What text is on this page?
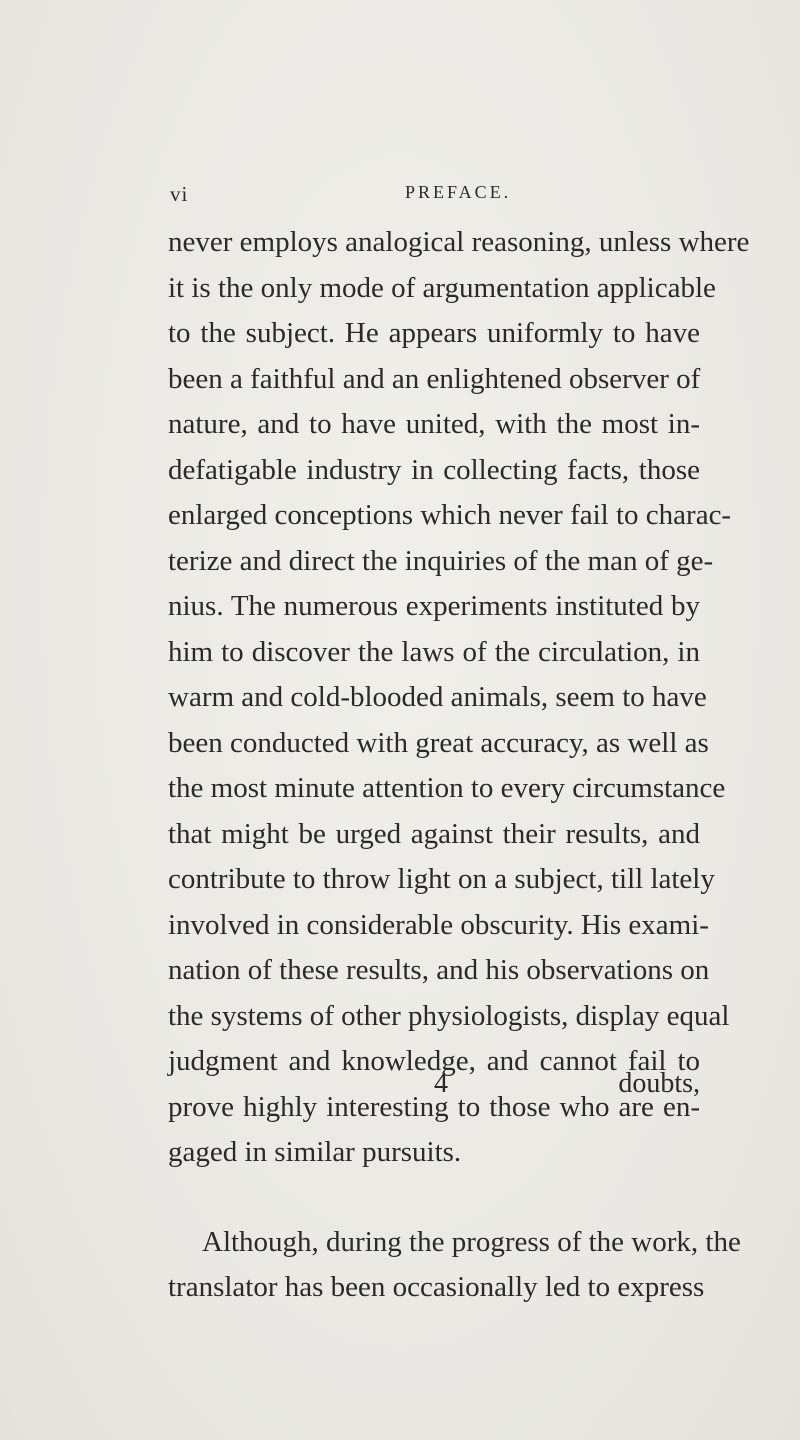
vi	PREFACE.
never employs analogical reasoning, unless where
it is the only mode of argumentation applicable
to the subject. He appears uniformly to have
been a faithful and an enlightened observer of
nature, and to have united, with the most in-
defatigable industry in collecting facts, those
enlarged conceptions which never fail to charac-
terize and direct the inquiries of the man of ge-
nius. The numerous experiments instituted by
him to discover the laws of the circulation, in
warm and cold-blooded animals, seem to have
been conducted with great accuracy, as well as
the most minute attention to every circumstance
that might be urged against their results, and
contribute to throw light on a subject, till lately
involved in considerable obscurity. His exami-
nation of these results, and his observations on
the systems of other physiologists, display equal
judgment and knowledge, and cannot fail to
prove highly interesting to those who are en-
gaged in similar pursuits.
Although, during the progress of the work, the
translator has been occasionally led to express
4	doubts,
